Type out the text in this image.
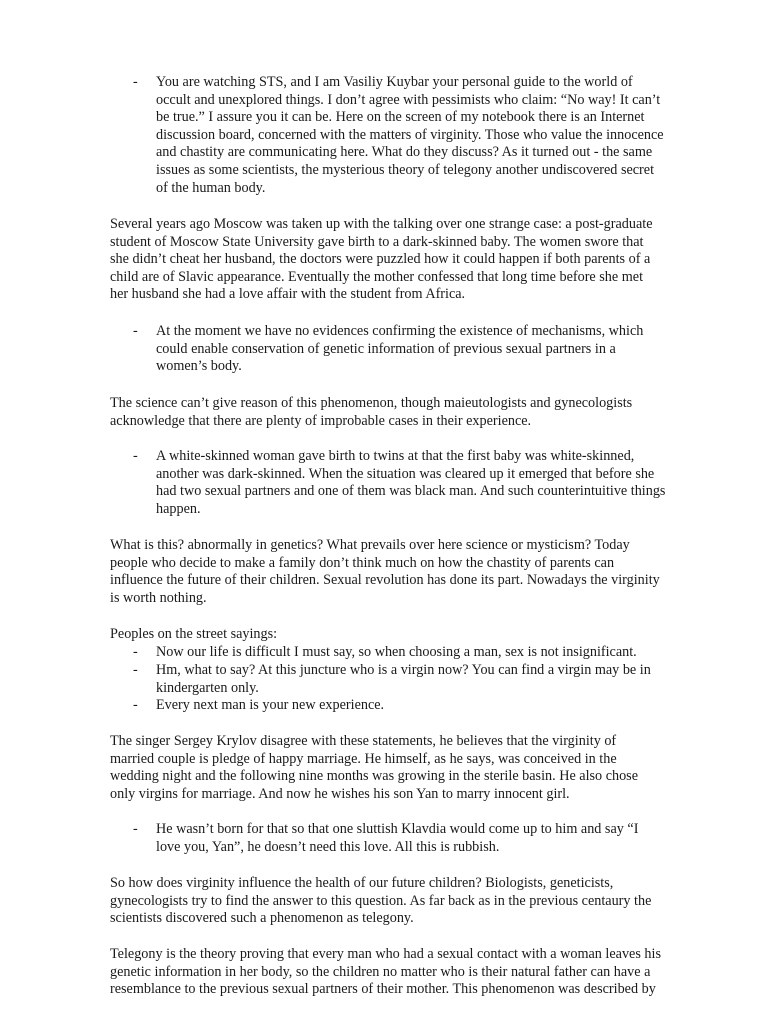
- You are watching STS, and I am Vasiliy Kuybar your personal guide to the world of
occult and unexplored things. I don’t agree with pessimists who claim: “No way! It can’t
be true.” I assure you it can be. Here on the screen of my notebook there is an Internet
discussion board, concerned with the matters of virginity. Those who value the innocence
and chastity are communicating here. What do they discuss? As it turned out - the same
issues as some scientists, the mysterious theory of telegony another undiscovered secret
of the human body.
Several years ago Moscow was taken up with the talking over one strange case: a post-graduate
student of Moscow State University gave birth to a dark-skinned baby. The women swore that
she didn’t cheat her husband, the doctors were puzzled how it could happen if both parents of a
child are of Slavic appearance. Eventually the mother confessed that long time before she met
her husband she had a love affair with the student from Africa.
- At the moment we have no evidences confirming the existence of mechanisms, which
could enable conservation of genetic information of previous sexual partners in a
women’s body.
The science can’t give reason of this phenomenon, though maieutologists and gynecologists
acknowledge that there are plenty of improbable cases in their experience.
- A white-skinned woman gave birth to twins at that the first baby was white-skinned,
another was dark-skinned. When the situation was cleared up it emerged that before she
had two sexual partners and one of them was black man. And such counterintuitive things
happen.
What is this? abnormally in genetics? What prevails over here science or mysticism? Today
people who decide to make a family don’t think much on how the chastity of parents can
influence the future of their children. Sexual revolution has done its part. Nowadays the virginity
is worth nothing.
Peoples on the street sayings:
- Now our life is difficult I must say, so when choosing a man, sex is not insignificant.
- Hm, what to say? At this juncture who is a virgin now? You can find a virgin may be in
kindergarten only.
- Every next man is your new experience.
The singer Sergey Krylov disagree with these statements, he believes that the virginity of
married couple is pledge of happy marriage. He himself, as he says, was conceived in the
wedding night and the following nine months was growing in the sterile basin. He also chose
only virgins for marriage. And now he wishes his son Yan to marry innocent girl.
- He wasn’t born for that so that one sluttish Klavdia would come up to him and say “I
love you, Yan”, he doesn’t need this love. All this is rubbish.
So how does virginity influence the health of our future children? Biologists, geneticists,
gynecologists try to find the answer to this question. As far back as in the previous centaury the
scientists discovered such a phenomenon as telegony.
Telegony is the theory proving that every man who had a sexual contact with a woman leaves his
genetic information in her body, so the children no matter who is their natural father can have a
resemblance to the previous sexual partners of their mother. This phenomenon was described by
